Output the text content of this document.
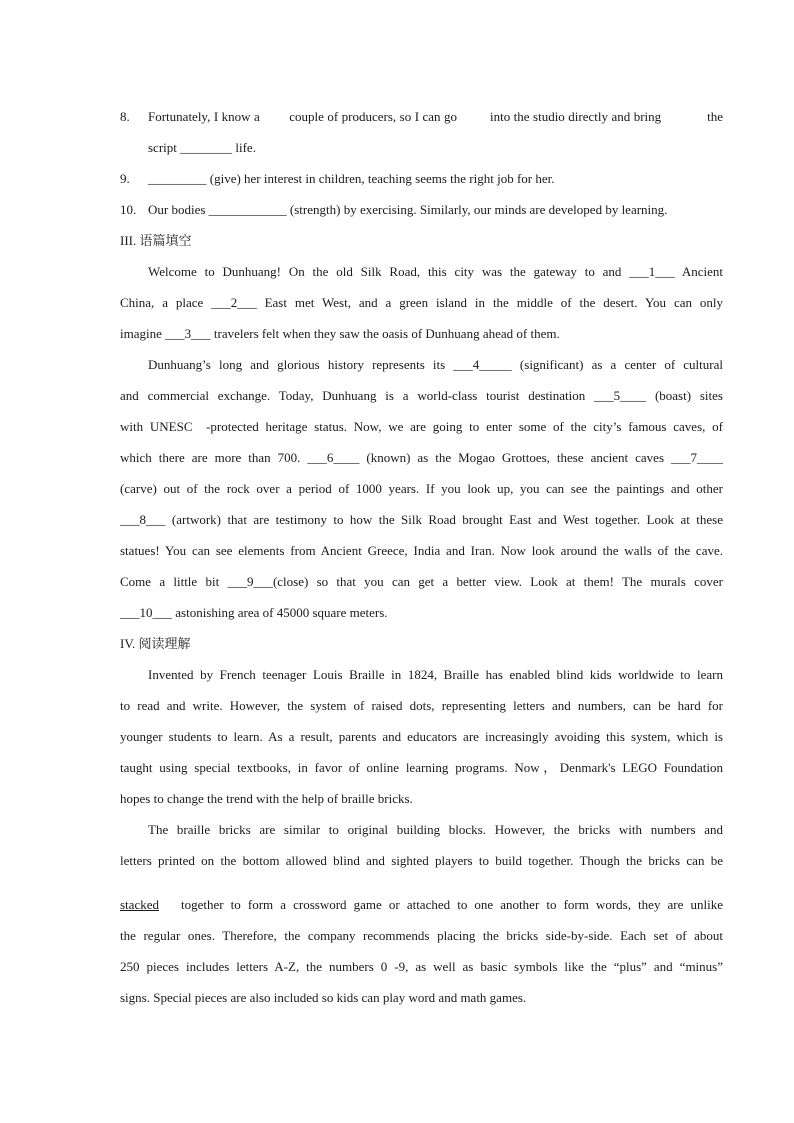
8. Fortunately, I know a   couple of producers, so I can go    into the studio directly and bring     the
script ________ life.
9. _________ (give) her interest in children, teaching seems the right job for her.
10. Our bodies ____________ (strength) by exercising. Similarly, our minds are developed by learning.
III. 语篇填空
Welcome to Dunhuang! On the old Silk Road, this city was the gateway to and ___1___ Ancient
China, a place ___2___ East met West, and a green island in the middle of the desert. You can only
imagine ___3___ travelers felt when they saw the oasis of Dunhuang ahead of them.
Dunhuang’s long and glorious history represents its ___4_____ (significant) as a center of cultural
and commercial exchange. Today, Dunhuang is a world-class tourist destination ___5____ (boast) sites
with UNESC  -protected heritage status. Now, we are going to enter some of the city’s famous caves, of
which there are more than 700. ___6____ (known) as the Mogao Grottoes, these ancient caves ___7____
(carve) out of the rock over a period of 1000 years. If you look up, you can see the paintings and other
___8___ (artwork) that are testimony to how the Silk Road brought East and West together. Look at these
statues! You can see elements from Ancient Greece, India and Iran. Now look around the walls of the cave.
Come a little bit ___9___(close) so that you can get a better view. Look at them! The murals cover
___10___ astonishing area of 45000 square meters.
IV. 阅读理解
Invented by French teenager Louis Braille in 1824, Braille has enabled blind kids worldwide to learn
to read and write. However, the system of raised dots, representing letters and numbers, can be hard for
younger students to learn. As a result, parents and educators are increasingly avoiding this system, which is
taught using special textbooks, in favor of online learning programs. Now，Denmark's LEGO Foundation
hopes to change the trend with the help of braille bricks.
The braille bricks are similar to original building blocks. However, the bricks with numbers and
letters printed on the bottom allowed blind and sighted players to build together. Though the bricks can be
stacked together to form a crossword game or attached to one another to form words, they are unlike
the regular ones. Therefore, the company recommends placing the bricks side-by-side. Each set of about
250 pieces includes letters A-Z, the numbers 0 -9, as well as basic symbols like the “plus” and “minus”
signs. Special pieces are also included so kids can play word and math games.
